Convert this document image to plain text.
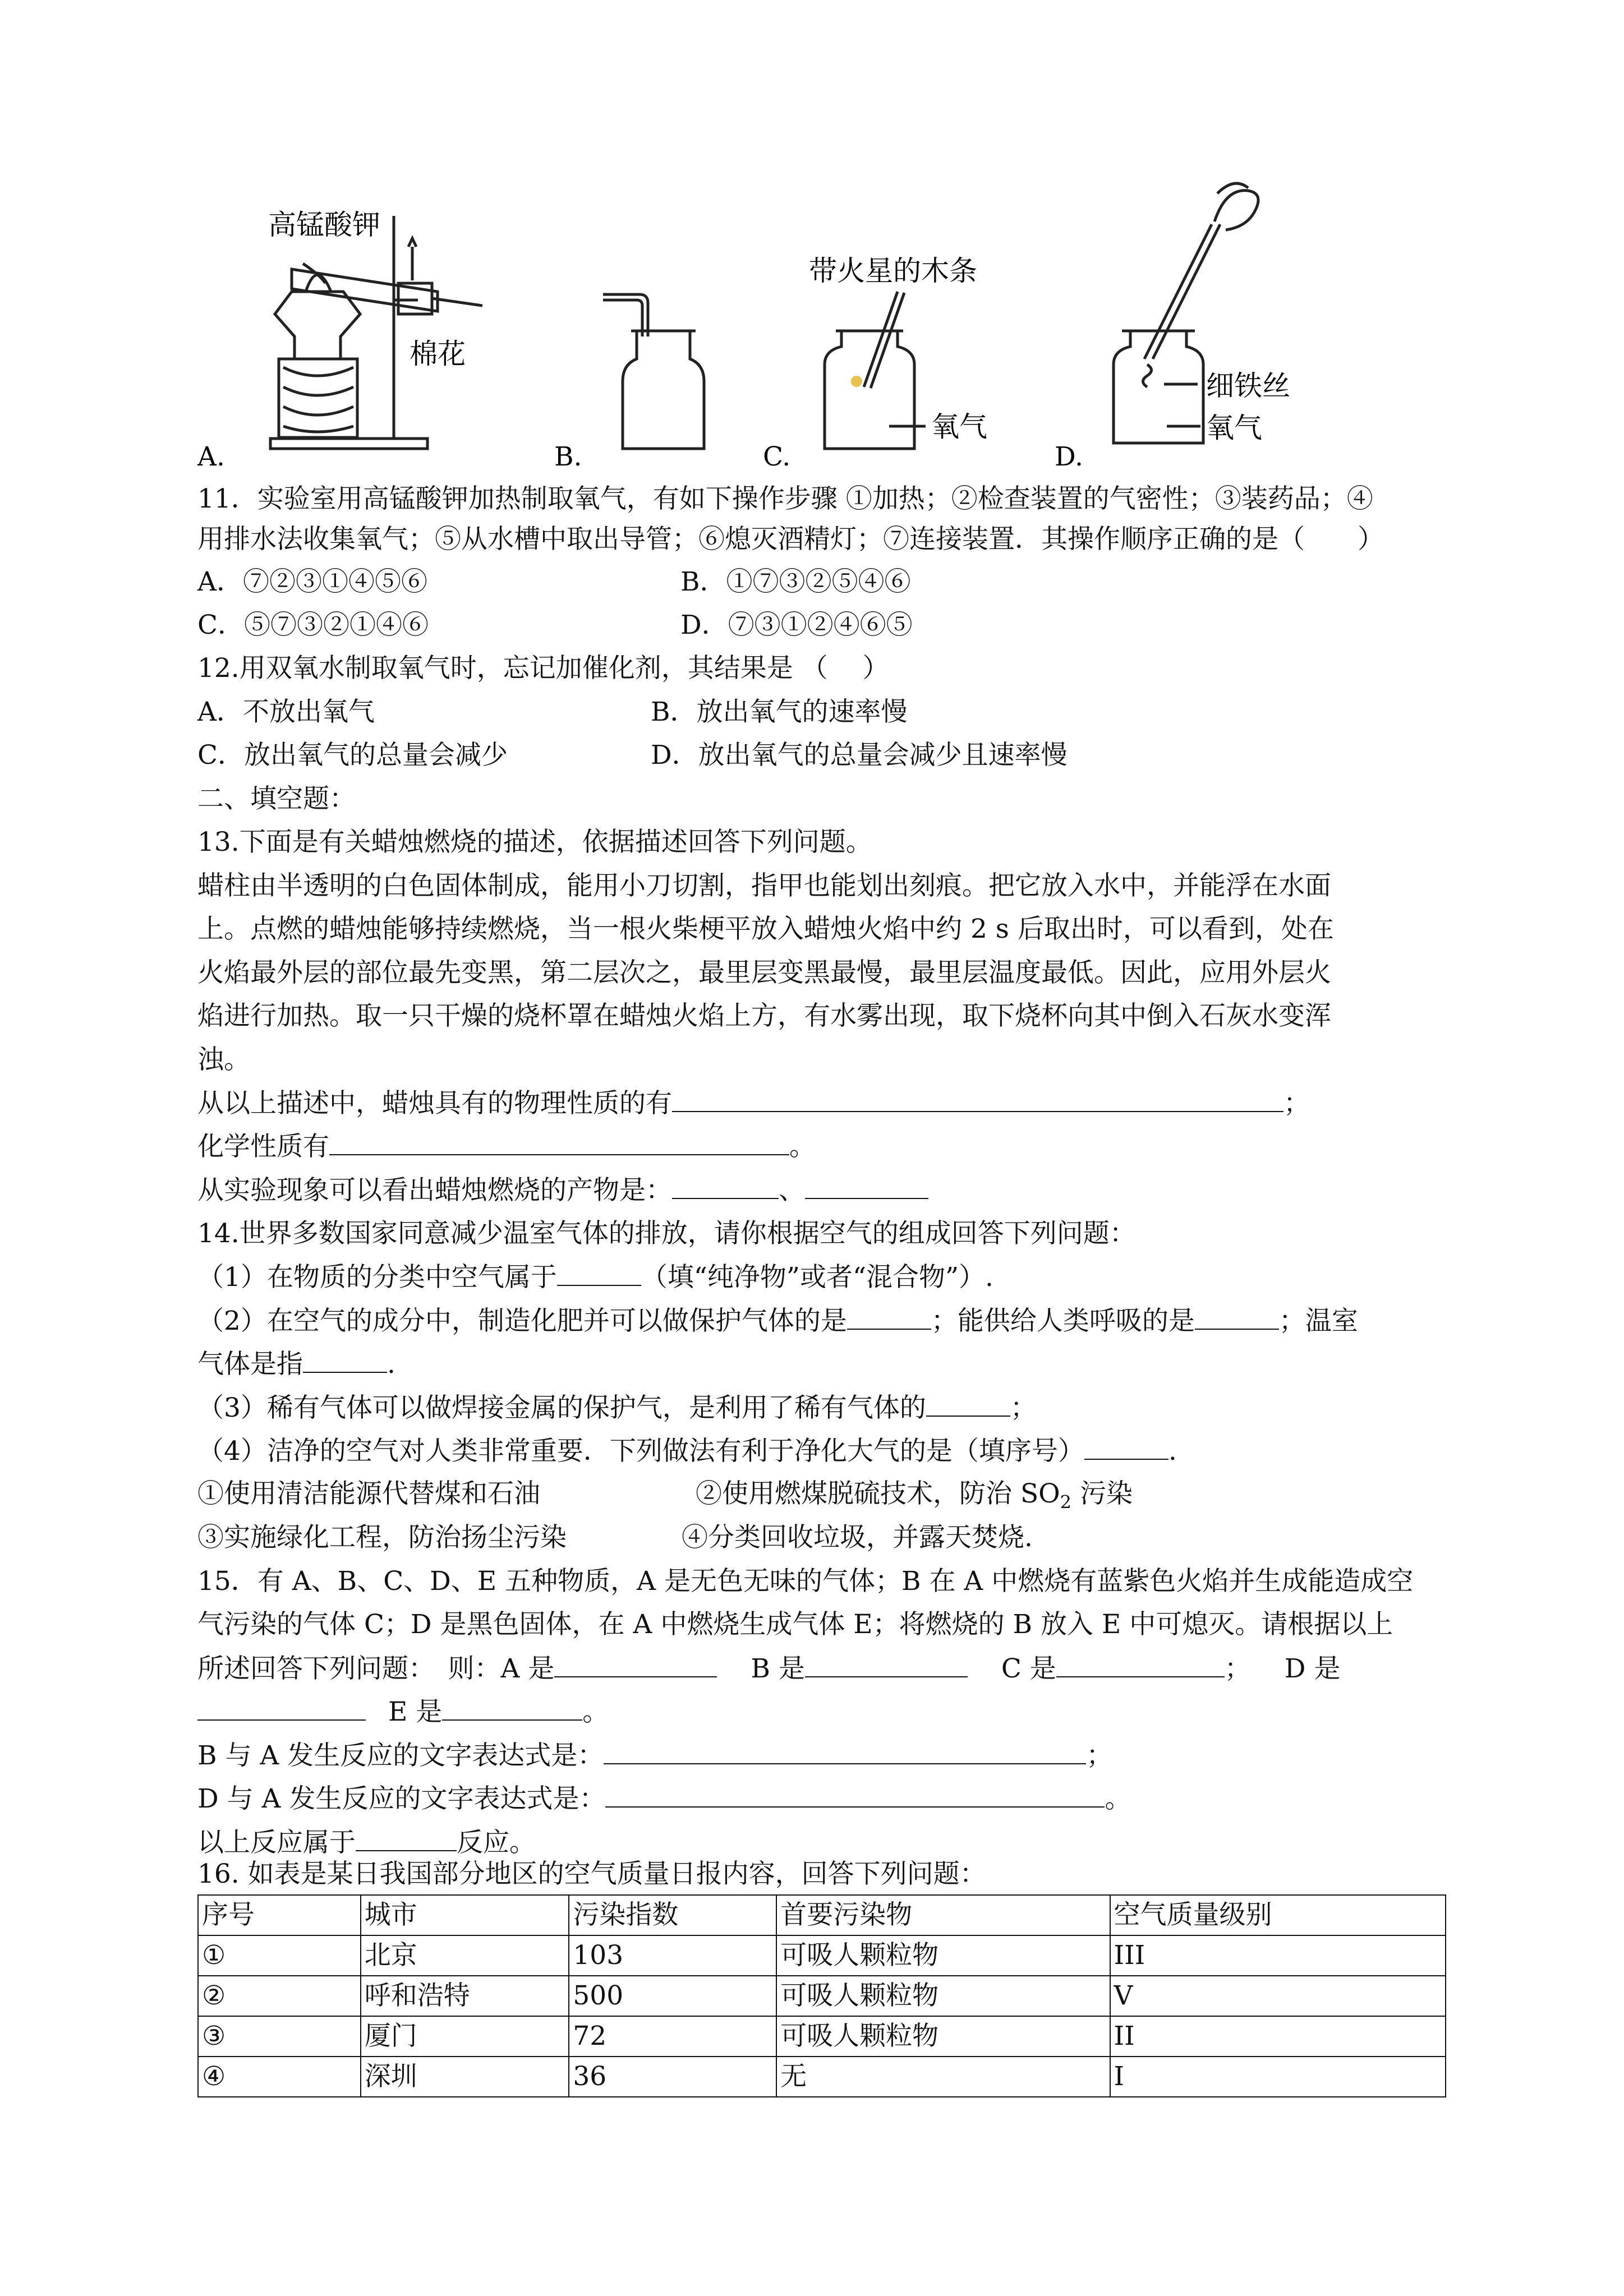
A.
高锰酸钾
棉花
B.	C.
带火星的木条
氧气
D.
细铁丝
氧气
11．实验室用高锰酸钾加热制取氧气，有如下操作步骤 ①加热；②检查装置的气密性；③装药品；④
用排水法收集氧气；⑤从水槽中取出导管；⑥熄灭酒精灯；⑦连接装置．其操作顺序正确的是（　　）
A．⑦②③①④⑤⑥	B．①⑦③②⑤④⑥
C．⑤⑦③②①④⑥	D．⑦③①②④⑥⑤
12.用双氧水制取氧气时，忘记加催化剂，其结果是 （　 ）
A．不放出氧气	B．放出氧气的速率慢
C．放出氧气的总量会减少	D．放出氧气的总量会减少且速率慢
二、填空题：
13.下面是有关蜡烛燃烧的描述，依据描述回答下列问题。
蜡柱由半透明的白色固体制成，能用小刀切割，指甲也能划出刻痕。把它放入水中，并能浮在水面
上。点燃的蜡烛能够持续燃烧，当一根火柴梗平放入蜡烛火焰中约 2 s 后取出时，可以看到，处在
火焰最外层的部位最先变黑，第二层次之，最里层变黑最慢，最里层温度最低。因此，应用外层火
焰进行加热。取一只干燥的烧杯罩在蜡烛火焰上方，有水雾出现，取下烧杯向其中倒入石灰水变浑
浊。
从以上描述中，蜡烛具有的物理性质的有	；
化学性质有	。
从实验现象可以看出蜡烛燃烧的产物是：	、
14.世界多数国家同意减少温室气体的排放，请你根据空气的组成回答下列问题：
（1）在物质的分类中空气属于	（填“纯净物”或者“混合物”）.
（2）在空气的成分中，制造化肥并可以做保护气体的是	；能供给人类呼吸的是	；温室
气体是指	.
（3）稀有气体可以做焊接金属的保护气，是利用了稀有气体的	；
（4）洁净的空气对人类非常重要．下列做法有利于净化大气的是（填序号）	.
①使用清洁能源代替煤和石油	②使用燃煤脱硫技术，防治 $SO_2$ 污染
③实施绿化工程，防治扬尘污染	④分类回收垃圾，并露天焚烧.
15．有 A、B、C、D、E 五种物质，A 是无色无味的气体；B 在 A 中燃烧有蓝紫色火焰并生成能造成空
气污染的气体 C；D 是黑色固体，在 A 中燃烧生成气体 E；将燃烧的 B 放入 E 中可熄灭。请根据以上
所述回答下列问题：　则：A 是	B 是	C 是	； D 是
E 是	。
B 与 A 发生反应的文字表达式是：	；
D 与 A 发生反应的文字表达式是：	。
以上反应属于	反应。
16. 如表是某日我国部分地区的空气质量日报内容，回答下列问题：
序号	城市	污染指数	首要污染物	空气质量级别
①	北京	103	可吸人颗粒物	III
②	呼和浩特	500	可吸人颗粒物	V
③	厦门	72	可吸人颗粒物	II
④	深圳	36	无	I
